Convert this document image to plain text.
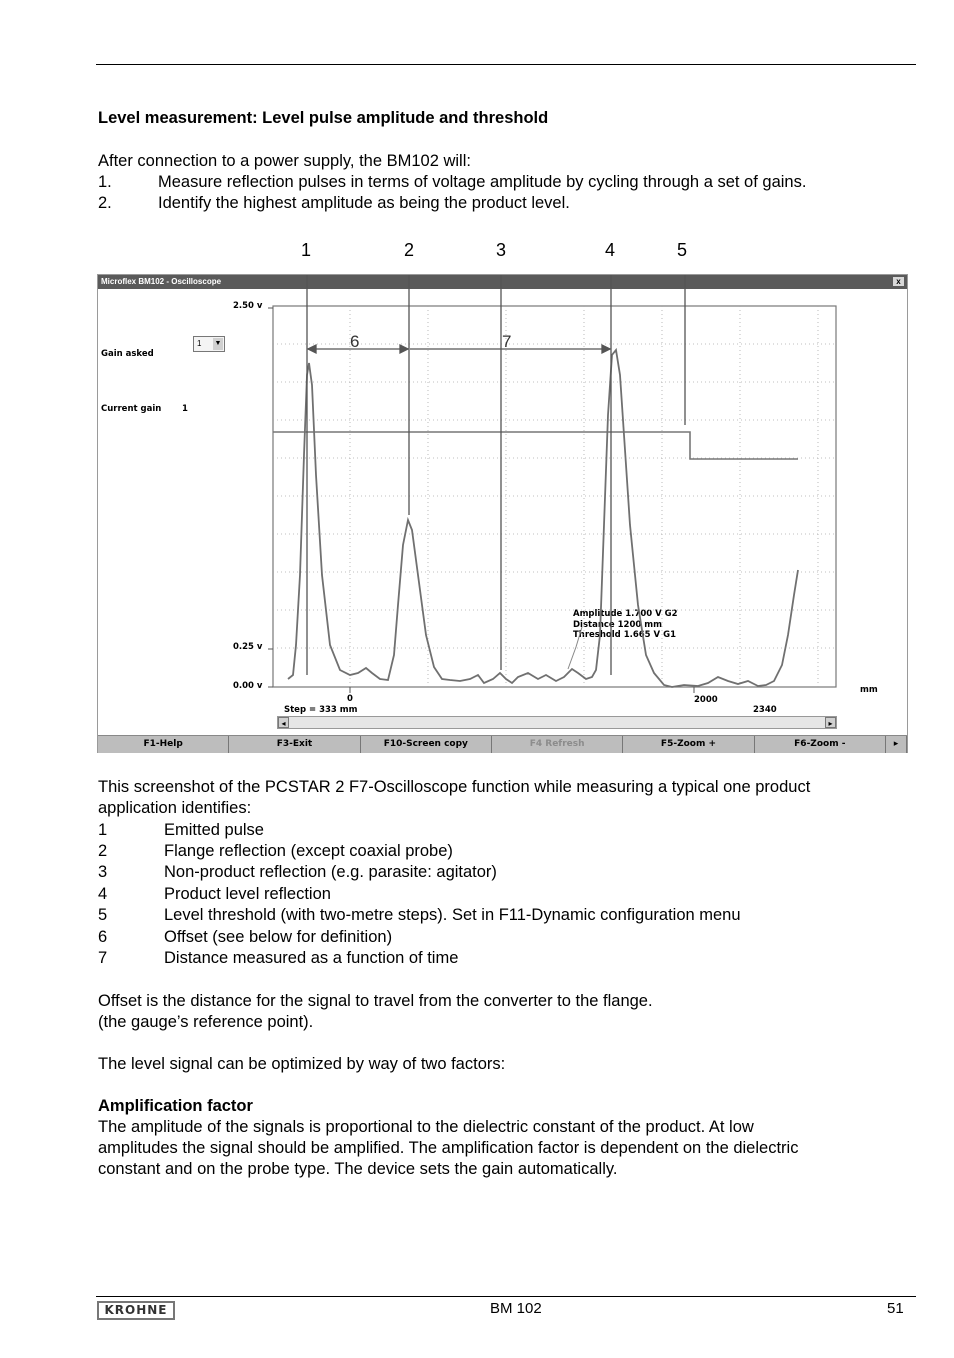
Level measurement: Level pulse amplitude and threshold
After connection to a power supply, the BM102 will:
1.	Measure reflection pulses in terms of voltage amplitude by cycling through a set of gains.
2.	Identify the highest amplitude as being the product level.
1	2	3	4	5
Microflex BM102 - Oscilloscope	x
Gain asked
1 ▼
Current gain 1
2.50 v
0.25 v
0.00 v
0
Step = 333 mm
2000
2340
mm
Amplitude 1.700 V G2
Distance 1200 mm
Threshold 1.665 V G1
6	7
◂	▸
F1-Help	F3-Exit	F10-Screen copy	F4 Refresh	F5-Zoom +	F6-Zoom -	▸
This screenshot of the PCSTAR 2 F7-Oscilloscope function while measuring a typical one product
application identifies:
1	Emitted pulse
2	Flange reflection (except coaxial probe)
3	Non-product reflection (e.g. parasite: agitator)
4	Product level reflection
5	Level threshold (with two-metre steps). Set in F11-Dynamic configuration menu
6	Offset (see below for definition)
7	Distance measured as a function of time
Offset is the distance for the signal to travel from the converter to the flange.
(the gauge’s reference point).
The level signal can be optimized by way of two factors:
Amplification factor
The amplitude of the signals is proportional to the dielectric constant of the product. At low
amplitudes the signal should be amplified. The amplification factor is dependent on the dielectric
constant and on the probe type. The device sets the gain automatically.
KROHNE	BM 102	51
